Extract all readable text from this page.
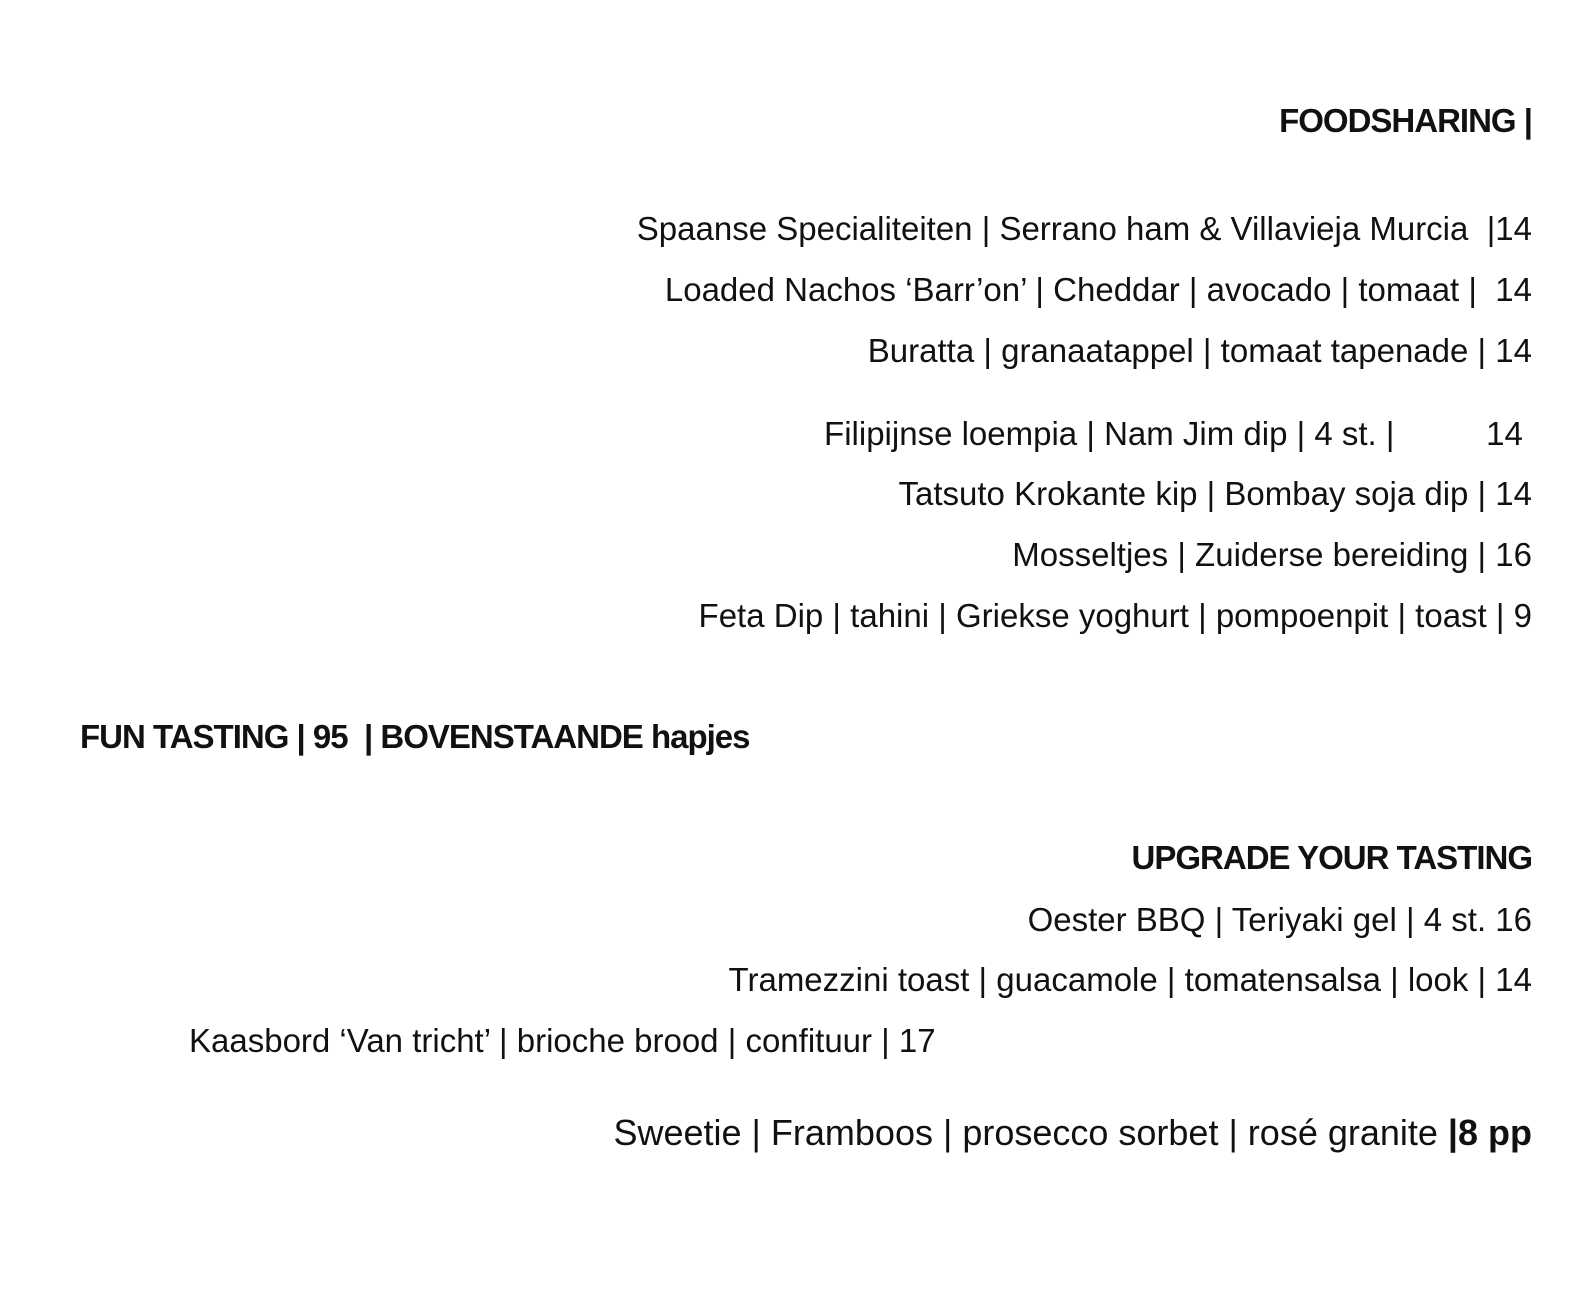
FOODSHARING |

Spaanse Specialiteiten | Serrano ham & Villavieja Murcia  |14

Loaded Nachos ‘Barr’on’ | Cheddar | avocado | tomaat |  14

Buratta | granaatappel | tomaat tapenade | 14

Filipijnse loempia | Nam Jim dip | 4 st. |          14

Tatsuto Krokante kip | Bombay soja dip | 14

Mosseltjes | Zuiderse bereiding | 16

Feta Dip | tahini | Griekse yoghurt | pompoenpit | toast | 9

FUN TASTING | 95  | BOVENSTAANDE hapjes
UPGRADE YOUR TASTING

Oester BBQ | Teriyaki gel | 4 st. 16

Tramezzini toast | guacamole | tomatensalsa | look | 14

Kaasbord ‘Van tricht’ | brioche brood | confituur | 17

Sweetie | Framboos | prosecco sorbet | rosé granite |8 pp
